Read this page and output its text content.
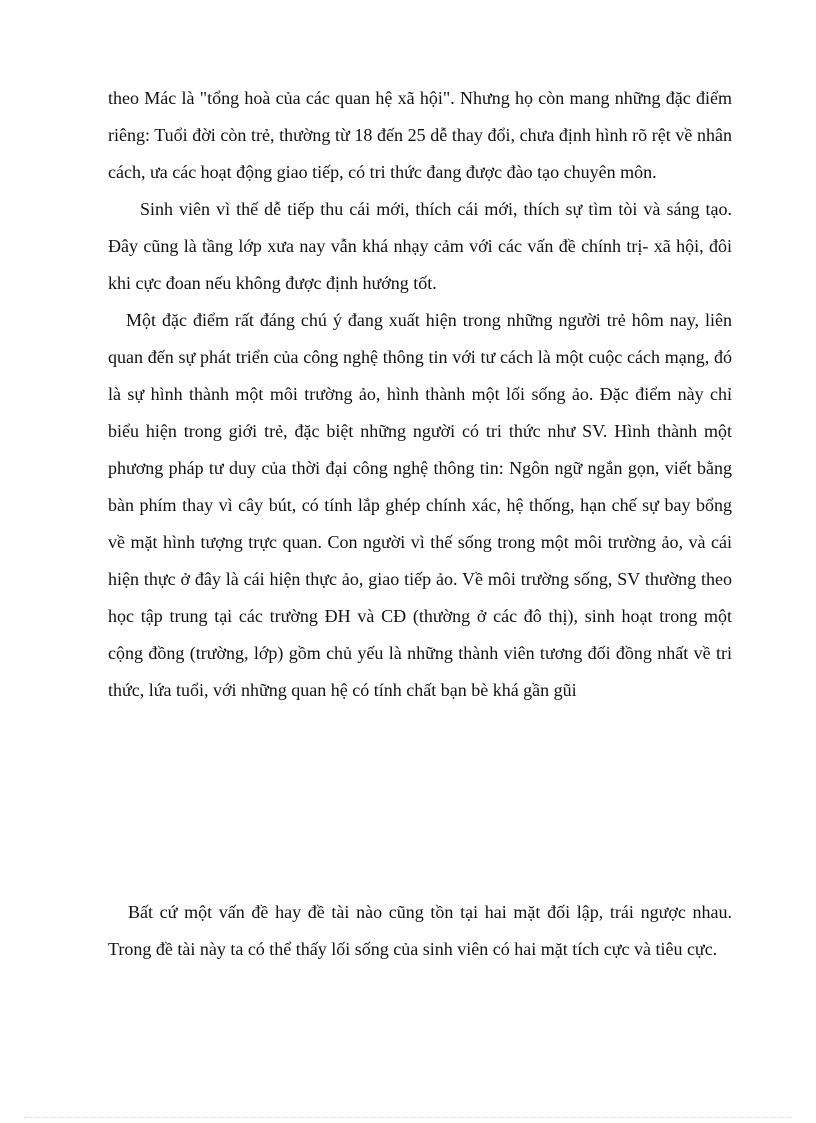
theo Mác là "tổng hoà của các quan hệ xã hội". Nhưng họ còn mang những đặc điểm riêng: Tuổi đời còn trẻ, thường từ 18 đến 25 dễ thay đổi, chưa định hình rõ rệt về nhân cách, ưa các hoạt động giao tiếp, có tri thức đang được đào tạo chuyên môn.

Sinh viên vì thế dễ tiếp thu cái mới, thích cái mới, thích sự tìm tòi và sáng tạo. Đây cũng là tầng lớp xưa nay vẫn khá nhạy cảm với các vấn đề chính trị- xã hội, đôi khi cực đoan nếu không được định hướng tốt.

Một đặc điểm rất đáng chú ý đang xuất hiện trong những người trẻ hôm nay, liên quan đến sự phát triển của công nghệ thông tin với tư cách là một cuộc cách mạng, đó là sự hình thành một môi trường ảo, hình thành một lối sống ảo. Đặc điểm này chỉ biểu hiện trong giới trẻ, đặc biệt những người có tri thức như SV. Hình thành một phương pháp tư duy của thời đại công nghệ thông tin: Ngôn ngữ ngắn gọn, viết bằng bàn phím thay vì cây bút, có tính lắp ghép chính xác, hệ thống, hạn chế sự bay bổng về mặt hình tượng trực quan. Con người vì thế sống trong một môi trường ảo, và cái hiện thực ở đây là cái hiện thực ảo, giao tiếp ảo. Về môi trường sống, SV thường theo học tập trung tại các trường ĐH và CĐ (thường ở các đô thị), sinh hoạt trong một cộng đồng (trường, lớp) gồm chủ yếu là những thành viên tương đối đồng nhất về tri thức, lứa tuổi, với những quan hệ có tính chất bạn bè khá gần gũi

Bất cứ một vấn đề hay đề tài nào cũng tồn tại hai mặt đối lập, trái ngược nhau. Trong đề tài này ta có thể thấy lối sống của sinh viên có hai mặt tích cực và tiêu cực.
